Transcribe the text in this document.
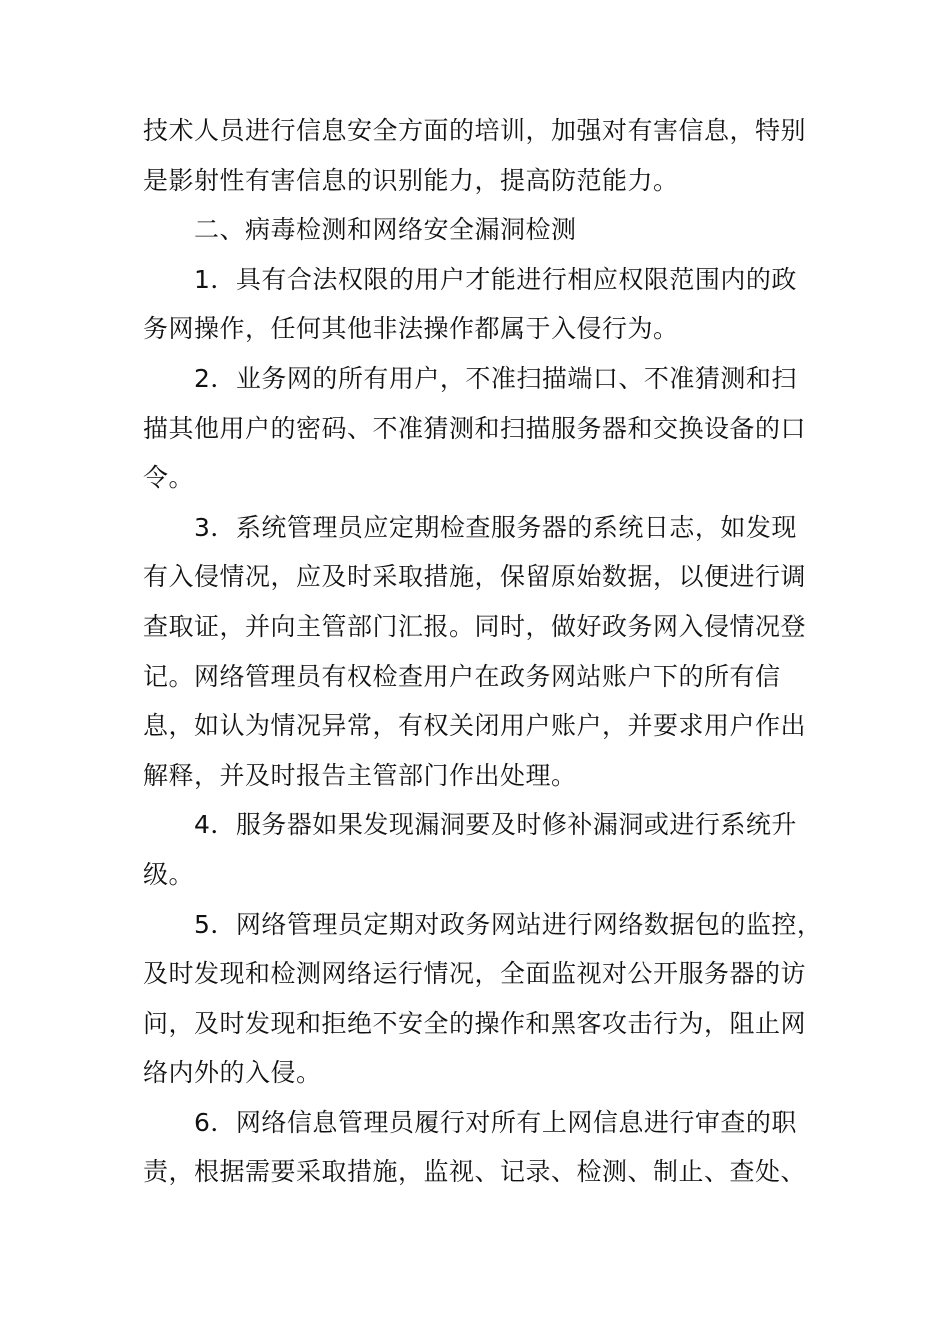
技术人员进行信息安全方面的培训，加强对有害信息，特别
是影射性有害信息的识别能力，提高防范能力。
二、病毒检测和网络安全漏洞检测
1．具有合法权限的用户才能进行相应权限范围内的政
务网操作，任何其他非法操作都属于入侵行为。
2．业务网的所有用户，不准扫描端口、不准猜测和扫
描其他用户的密码、不准猜测和扫描服务器和交换设备的口
令。
3．系统管理员应定期检查服务器的系统日志，如发现
有入侵情况，应及时采取措施，保留原始数据，以便进行调
查取证，并向主管部门汇报。同时，做好政务网入侵情况登
记。网络管理员有权检查用户在政务网站账户下的所有信
息，如认为情况异常，有权关闭用户账户，并要求用户作出
解释，并及时报告主管部门作出处理。
4．服务器如果发现漏洞要及时修补漏洞或进行系统升
级。
5．网络管理员定期对政务网站进行网络数据包的监控，
及时发现和检测网络运行情况，全面监视对公开服务器的访
问，及时发现和拒绝不安全的操作和黑客攻击行为，阻止网
络内外的入侵。
6．网络信息管理员履行对所有上网信息进行审查的职
责，根据需要采取措施，监视、记录、检测、制止、查处、
